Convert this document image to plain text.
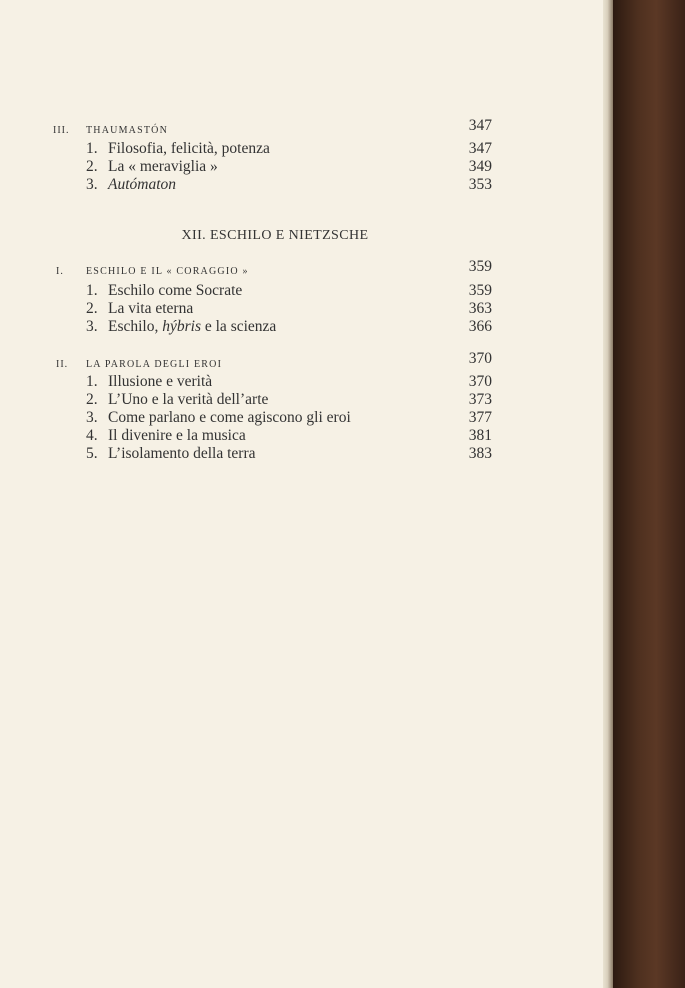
III. THAUMASTÓN	347
1. Filosofia, felicità, potenza	347
2. La « meraviglia »	349
3. Autómaton	353
XII. ESCHILO E NIETZSCHE
I. ESCHILO E IL « CORAGGIO »	359
1. Eschilo come Socrate	359
2. La vita eterna	363
3. Eschilo, hýbris e la scienza	366
II. LA PAROLA DEGLI EROI	370
1. Illusione e verità	370
2. L’Uno e la verità dell’arte	373
3. Come parlano e come agiscono gli eroi	377
4. Il divenire e la musica	381
5. L’isolamento della terra	383
